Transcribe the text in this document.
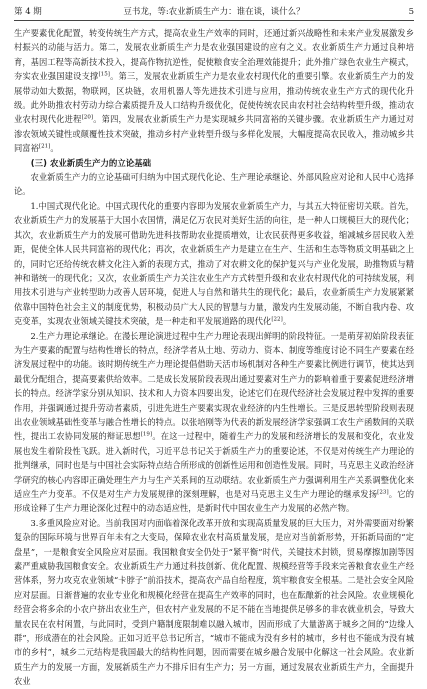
第 4 期	豆书龙，等:农业新质生产力：谁在谈，谈什么？	5

生产要素优化配置，转变传统生产方式，提高农业生产效率的同时，还通过新兴战略性和未来产业发展激发乡村振兴的动能与活力。第二，发展农业新质生产力是农业强国建设的应有之义。农业新质生产力通过良种培育，基因工程等高新技术投入，提高作物抗逆性，促使粮食安全治理效能提升；此外推广绿色农业生产模式，夯实农业强国建设支撑[15]。第三，发展农业新质生产力是农业农村现代化的重要引擎。农业新质生产力的发展带动如大数据，物联网，区块链，农用机器人等先进技术引进与应用，推动传统农业生产方式的现代化升级。此外助推农村劳动力综合素质提升及人口结构升级优化，促使传统农民由农村社会结构转型升级，推动农业农村现代化进程[20]。第四，发展农业新质生产力是实现城乡共同富裕的关键步骤。农业新质生产力通过对渗农领域关键性或颠覆性技术突破，推动乡村产业转型升级与多样化发展，大幅度提高农民收入，推动城乡共同富裕[21]。

(三) 农业新质生产力的立论基础

农业新质生产力的立论基础可归纳为中国式现代化论、生产理论承继论、外部风险应对论和人民中心选择论。

1.中国式现代化论。中国式现代化的重要内容即为发展农业新质生产力，与其五大特征密切关联。首先，农业新质生产力的发展基于大国小农国情，满足亿万农民对美好生活的向往，是一种人口规模巨大的现代化；其次，农业新质生产力的发展可借助先进科技帮助农业提质增效，让农民获得更多收益，缩减城乡居民收入差距，促使全体人民共同富裕的现代化；再次，农业新质生产力是建立在生产、生活和生态等物质文明基础之上的，同时它还给传统农耕文化注入新的表现方式，推动了对农耕文化的保护复兴与产业化发展，助推物质与精神和谐统一的现代化；又次，农业新质生产力关注农业生产方式转型升级和农业农村现代化的可持续发展，利用技术引进与产业转型助力改善人居环境，促进人与自然和谐共生的现代化；最后，农业新质生产力发展紧紧依靠中国特色社会主义的制度优势，积极动员广大人民的智慧与力量，激发内生发展动能，不断自我内卷、攻克变革，实现农业领域关键技术突破，是一种走和平发展道路的现代化[22]。

2.生产力理论承继论。在漫长理论演进过程中生产力理论表现出鲜明的阶段特征。一是萌芽初始阶段表征为生产要素的配置与结构性增长的特点，经济学者从土地、劳动力、资本、制度等维度讨论不同生产要素在经济发展过程中的功能。该时期传统生产力理论提倡借助天活市场机制对各种生产要素比例进行调节，使其达到最优分配组合，提高要素供给效率。二是成长发展阶段表现出通过要素对生产力的影响着重于要素促进经济增长的特点。经济学家分别从知识、技术和人力资本四要出发，论述它们在现代经济社会发展过程中发挥的重要作用，并强调通过提升劳动者素质，引进先进生产要素实现农业经济的内生性增长。三是反思转型阶段则表现出农业领域基础性变革与融合性增长的特点。以张培刚等为代表的新发展经济学家强调工农生产函数间的关联性，提出工农协同发展的辩证思想[19]。在这一过程中，随着生产力的发展和经济增长的发展和变化，农业发展也发生着阶段性飞跃。进入新时代，习近平总书记关于新质生产力的重要论述，不仅是对传统生产力理论的批判继承，同时也是与中国社会实际特点结合所形成的创新性运用和创造性发展。同时，马克思主义政治经济学研究的核心内容即正确处理生产力与生产关系间的互动联结。农业新质生产力强调利用生产关系调整优化来适应生产力变革。不仅是对生产力发展规律的深刻理解，也是对马克思主义生产力理论的继承发扬[23]。它的形成诠释了生产力理论深化过程中的动态适应性，是新时代中国农业生产力发展的必然产物。

3.多重风险应对论。当前我国对内面临着深化改革开放和实现高质量发展的巨大压力，对外需要面对纷繁复杂的国际环境与世界百年未有之大变局，保障农业农村高质量发展，是应对当前新形势，开拓新局面的“定盘星”，一是粮食安全风险应对层面。我国粮食安全仍处于“紧平衡”时代，关键技术封锁，贸易摩擦加剧等因素严重威胁我国粮食安全。农业新质生产力通过科技创新、优化配置、规模经营等手段来完善粮食农业生产经营体系，努力攻克农业领域“卡脖子”前沿技术，提高农产品自给程度，筑牢粮食安全根基。二是社会安全风险应对层面。日渐普遍的农业专业化和规模化经营在提高生产效率的同时，也在酝酿新的社会风险。农业规模化经营会将多余的小农户挤出农业生产，但农村产业发展的不足不能在当地提供足够多的非农就业机会，导致大量农民在农村闲置，与此同时，受到户籍制度限制难以融入城市，因而形成了大量游离于城乡之间的“边缘人群”，形成潜在的社会风险。正如习近平总书记所言，“城市不能成为没有乡村的城市，乡村也不能成为没有城市的乡村”，城乡二元结构是我国最大的结构性问题，因而需要在城乡融合发展中化解这一社会风险。农业新质生产力的发展一方面，发展新质生产力不排斥旧有生产力；另一方面，通过发展农业新质生产力，全面提升农业
